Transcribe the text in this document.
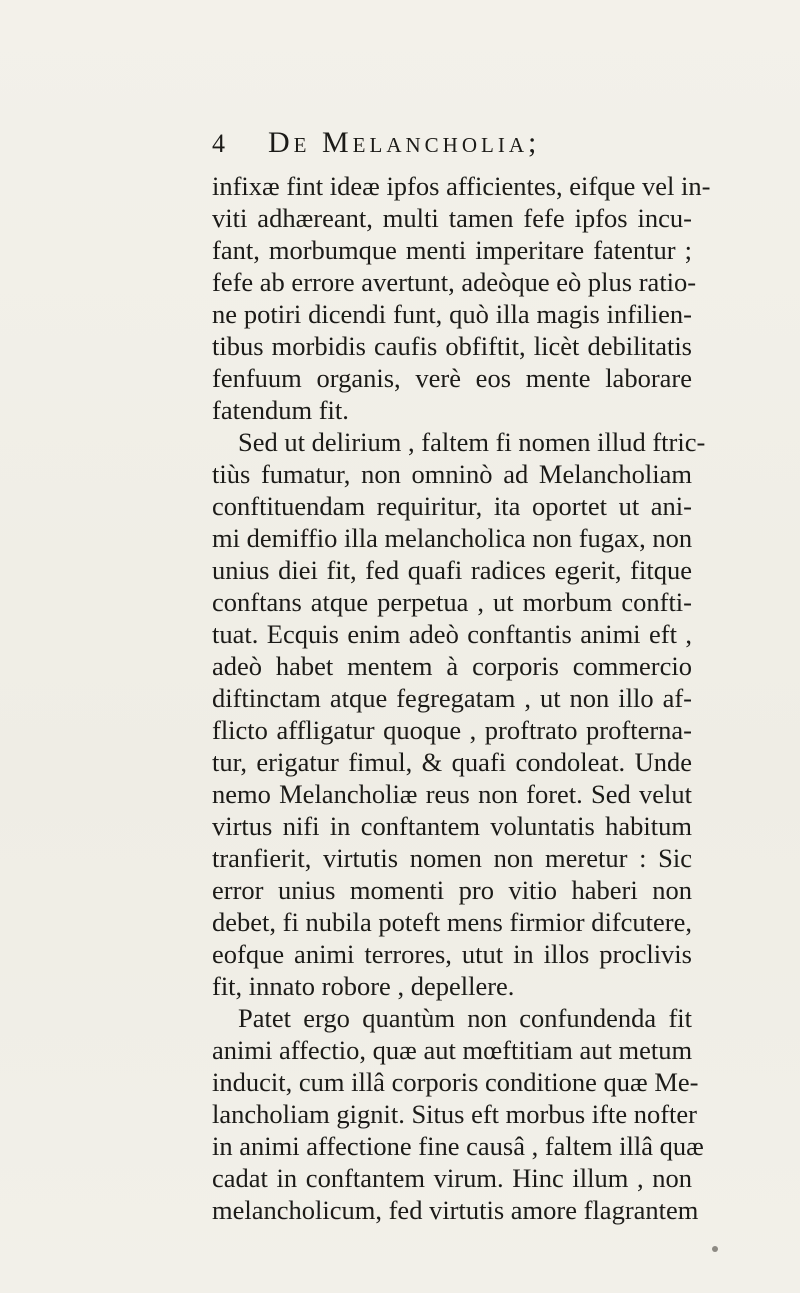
4	De Melancholia;
infixæ fint ideæ ipfos afficientes, eifque vel in-
viti adhæreant, multi tamen fefe ipfos incu-
fant, morbumque menti imperitare fatentur ;
fefe ab errore avertunt, adeòque eò plus ratio-
ne potiri dicendi funt, quò illa magis infilien-
tibus morbidis caufis obfiftit, licèt debilitatis
fenfuum organis, verè eos mente laborare
fatendum fit.
Sed ut delirium , faltem fi nomen illud ftric-
tiùs fumatur, non omninò ad Melancholiam
conftituendam requiritur, ita oportet ut ani-
mi demiffio illa melancholica non fugax, non
unius diei fit, fed quafi radices egerit, fitque
conftans atque perpetua , ut morbum confti-
tuat. Ecquis enim adeò conftantis animi eft ,
adeò habet mentem à corporis commercio
diftinctam atque fegregatam , ut non illo af-
flicto affligatur quoque , proftrato profterna-
tur, erigatur fimul, & quafi condoleat. Unde
nemo Melancholiæ reus non foret. Sed velut
virtus nifi in conftantem voluntatis habitum
tranfierit, virtutis nomen non meretur : Sic
error unius momenti pro vitio haberi non
debet, fi nubila poteft mens firmior difcutere,
eofque animi terrores, utut in illos proclivis
fit, innato robore , depellere.
Patet ergo quantùm non confundenda fit
animi affectio, quæ aut mœftitiam aut metum
inducit, cum illâ corporis conditione quæ Me-
lancholiam gignit. Situs eft morbus ifte nofter
in animi affectione fine causâ , faltem illâ quæ
cadat in conftantem virum. Hinc illum , non
melancholicum, fed virtutis amore flagrantem
